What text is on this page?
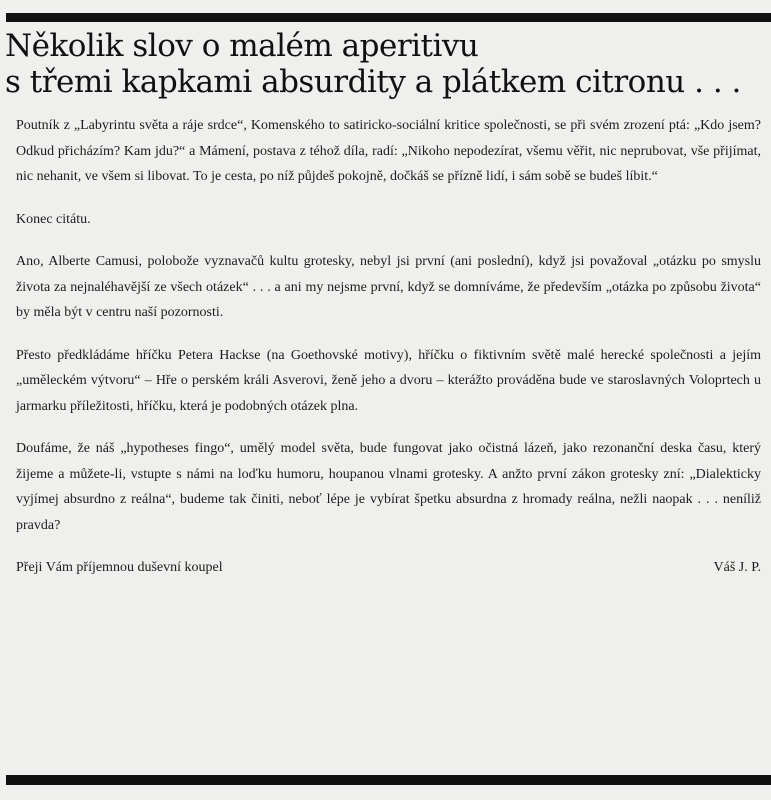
Několik slov o malém aperitivu
s třemi kapkami absurdity a plátkem citronu . . .

Poutník z „Labyrintu světa a ráje srdce“, Komenského to satiricko-sociální kritice společnosti, se při svém zrození ptá: „Kdo jsem? Odkud přicházím? Kam jdu?“ a Mámení, postava z téhož díla, radí: „Nikoho nepodezírat, všemu věřit, nic neprubovat, vše přijímat, nic nehanit, ve všem si libovat. To je cesta, po níž půjdeš pokojně, dočkáš se přízně lidí, i sám sobě se budeš líbit.“

Konec citátu.

Ano, Alberte Camusi, polobože vyznavačů kultu grotesky, nebyl jsi první (ani poslední), když jsi považoval „otázku po smyslu života za nejnaléhavější ze všech otázek“ . . . a ani my nejsme první, když se domníváme, že především „otázka po způsobu života“ by měla být v centru naší pozornosti.

Přesto předkládáme hříčku Petera Hackse (na Goethovské motivy), hříčku o fiktivním světě malé herecké společnosti a jejím „uměleckém výtvoru“ – Hře o perském králi Asverovi, ženě jeho a dvoru – kterážto prováděna bude ve staroslavných Voloprtech u jarmarku příležitosti, hříčku, která je podobných otázek plna.

Doufáme, že náš „hypotheses fingo“, umělý model světa, bude fungovat jako očistná lázeň, jako rezonanční deska času, který žijeme a můžete-li, vstupte s námi na loďku humoru, houpanou vlnami grotesky. A anžto první zákon grotesky zní: „Dialekticky vyjímej absurdno z reálna“, budeme tak činiti, neboť lépe je vybírat špetku absurdna z hromady reálna, nežli naopak . . . neníliž pravda?

Přeji Vám příjemnou duševní koupel	Váš J. P.
